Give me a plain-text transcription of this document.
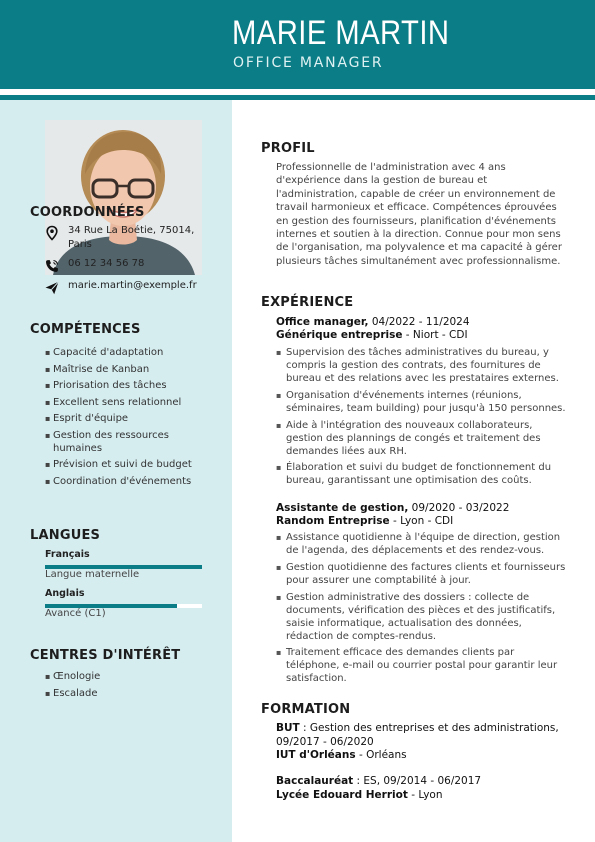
MARIE MARTIN
OFFICE MANAGER
COORDONNÉES
34 Rue La Boétie, 75014, Paris
06 12 34 56 78
marie.martin@exemple.fr
COMPÉTENCES
▪ Capacité d'adaptation
▪ Maîtrise de Kanban
▪ Priorisation des tâches
▪ Excellent sens relationnel
▪ Esprit d'équipe
▪ Gestion des ressources humaines
▪ Prévision et suivi de budget
▪ Coordination d'événements
LANGUES
Français
Langue maternelle
Anglais
Avancé (C1)
CENTRES D'INTÉRÊT
▪ Œnologie
▪ Escalade
PROFIL
Professionnelle de l'administration avec 4 ans d'expérience dans la gestion de bureau et l'administration, capable de créer un environnement de travail harmonieux et efficace. Compétences éprouvées en gestion des fournisseurs, planification d'événements internes et soutien à la direction. Connue pour mon sens de l'organisation, ma polyvalence et ma capacité à gérer plusieurs tâches simultanément avec professionnalisme.
EXPÉRIENCE
Office manager, 04/2022 - 11/2024
Générique entreprise - Niort - CDI
▪ Supervision des tâches administratives du bureau, y compris la gestion des contrats, des fournitures de bureau et des relations avec les prestataires externes.
▪ Organisation d'événements internes (réunions, séminaires, team building) pour jusqu'à 150 personnes.
▪ Aide à l'intégration des nouveaux collaborateurs, gestion des plannings de congés et traitement des demandes liées aux RH.
▪ Élaboration et suivi du budget de fonctionnement du bureau, garantissant une optimisation des coûts.
Assistante de gestion, 09/2020 - 03/2022
Random Entreprise - Lyon - CDI
▪ Assistance quotidienne à l'équipe de direction, gestion de l'agenda, des déplacements et des rendez-vous.
▪ Gestion quotidienne des factures clients et fournisseurs pour assurer une comptabilité à jour.
▪ Gestion administrative des dossiers : collecte de documents, vérification des pièces et des justificatifs, saisie informatique, actualisation des données, rédaction de comptes-rendus.
▪ Traitement efficace des demandes clients par téléphone, e-mail ou courrier postal pour garantir leur satisfaction.
FORMATION
BUT : Gestion des entreprises et des administrations,
09/2017 - 06/2020
IUT d'Orléans - Orléans
Baccalauréat : ES, 09/2014 - 06/2017
Lycée Edouard Herriot - Lyon
